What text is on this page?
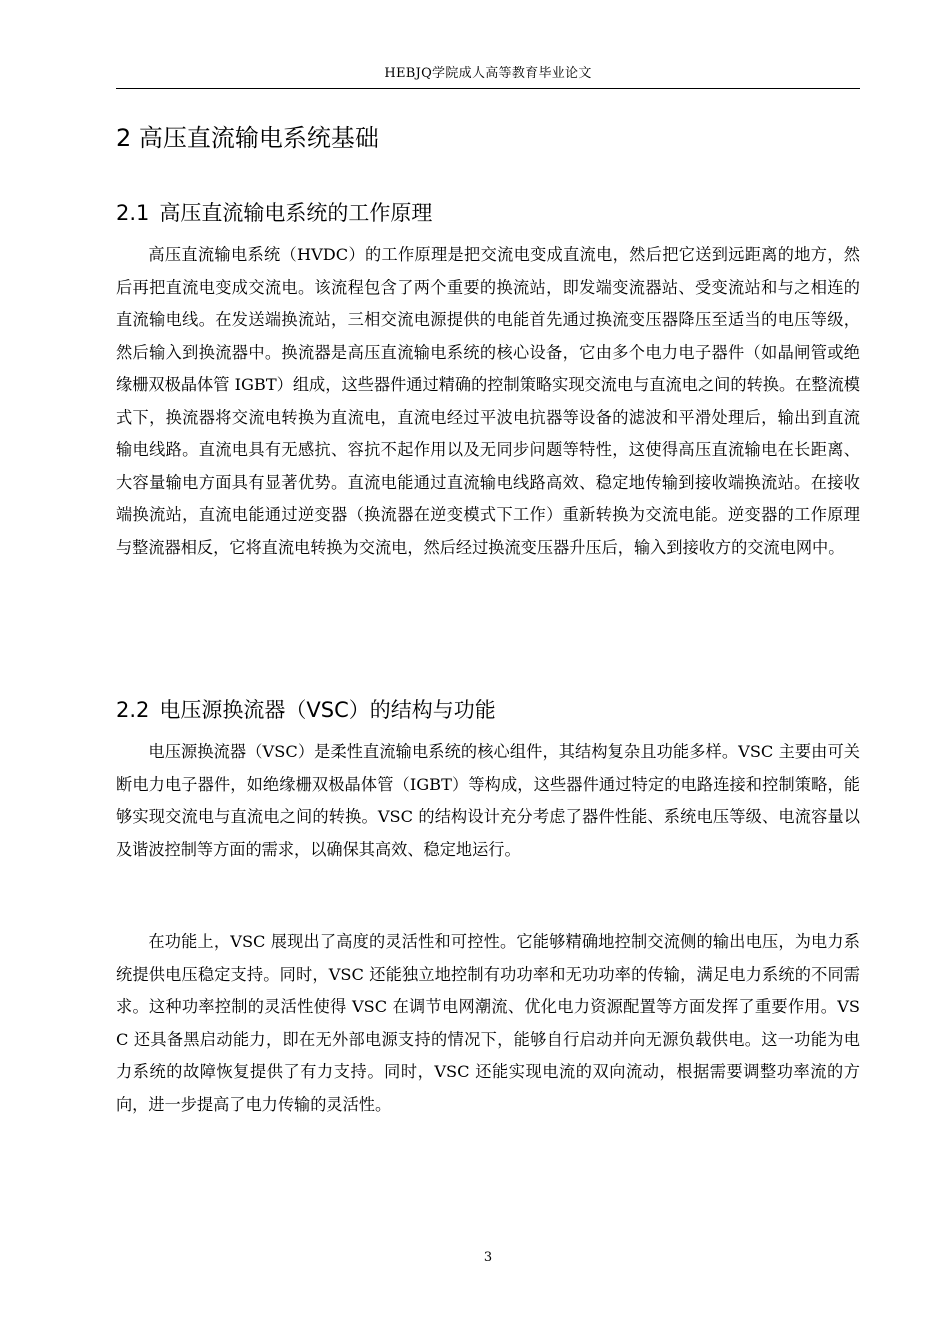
HEBJQ学院成人高等教育毕业论文
2 高压直流输电系统基础
2.1 高压直流输电系统的工作原理

高压直流输电系统（HVDC）的工作原理是把交流电变成直流电，然后把它送到远距离的地方，然后再把直流电变成交流电。该流程包含了两个重要的换流站，即发端变流器站、受变流站和与之相连的直流输电线。在发送端换流站，三相交流电源提供的电能首先通过换流变压器降压至适当的电压等级，然后输入到换流器中。换流器是高压直流输电系统的核心设备，它由多个电力电子器件（如晶闸管或绝缘栅双极晶体管 IGBT）组成，这些器件通过精确的控制策略实现交流电与直流电之间的转换。在整流模式下，换流器将交流电转换为直流电，直流电经过平波电抗器等设备的滤波和平滑处理后，输出到直流输电线路。直流电具有无感抗、容抗不起作用以及无同步问题等特性，这使得高压直流输电在长距离、大容量输电方面具有显著优势。直流电能通过直流输电线路高效、稳定地传输到接收端换流站。在接收端换流站，直流电能通过逆变器（换流器在逆变模式下工作）重新转换为交流电能。逆变器的工作原理与整流器相反，它将直流电转换为交流电，然后经过换流变压器升压后，输入到接收方的交流电网中。

2.2 电压源换流器（VSC）的结构与功能

电压源换流器（VSC）是柔性直流输电系统的核心组件，其结构复杂且功能多样。VSC 主要由可关断电力电子器件，如绝缘栅双极晶体管（IGBT）等构成，这些器件通过特定的电路连接和控制策略，能够实现交流电与直流电之间的转换。VSC 的结构设计充分考虑了器件性能、系统电压等级、电流容量以及谐波控制等方面的需求，以确保其高效、稳定地运行。

在功能上，VSC 展现出了高度的灵活性和可控性。它能够精确地控制交流侧的输出电压，为电力系统提供电压稳定支持。同时，VSC 还能独立地控制有功功率和无功功率的传输，满足电力系统的不同需求。这种功率控制的灵活性使得 VSC 在调节电网潮流、优化电力资源配置等方面发挥了重要作用。VSC 还具备黑启动能力，即在无外部电源支持的情况下，能够自行启动并向无源负载供电。这一功能为电力系统的故障恢复提供了有力支持。同时，VSC 还能实现电流的双向流动，根据需要调整功率流的方向，进一步提高了电力传输的灵活性。

3
